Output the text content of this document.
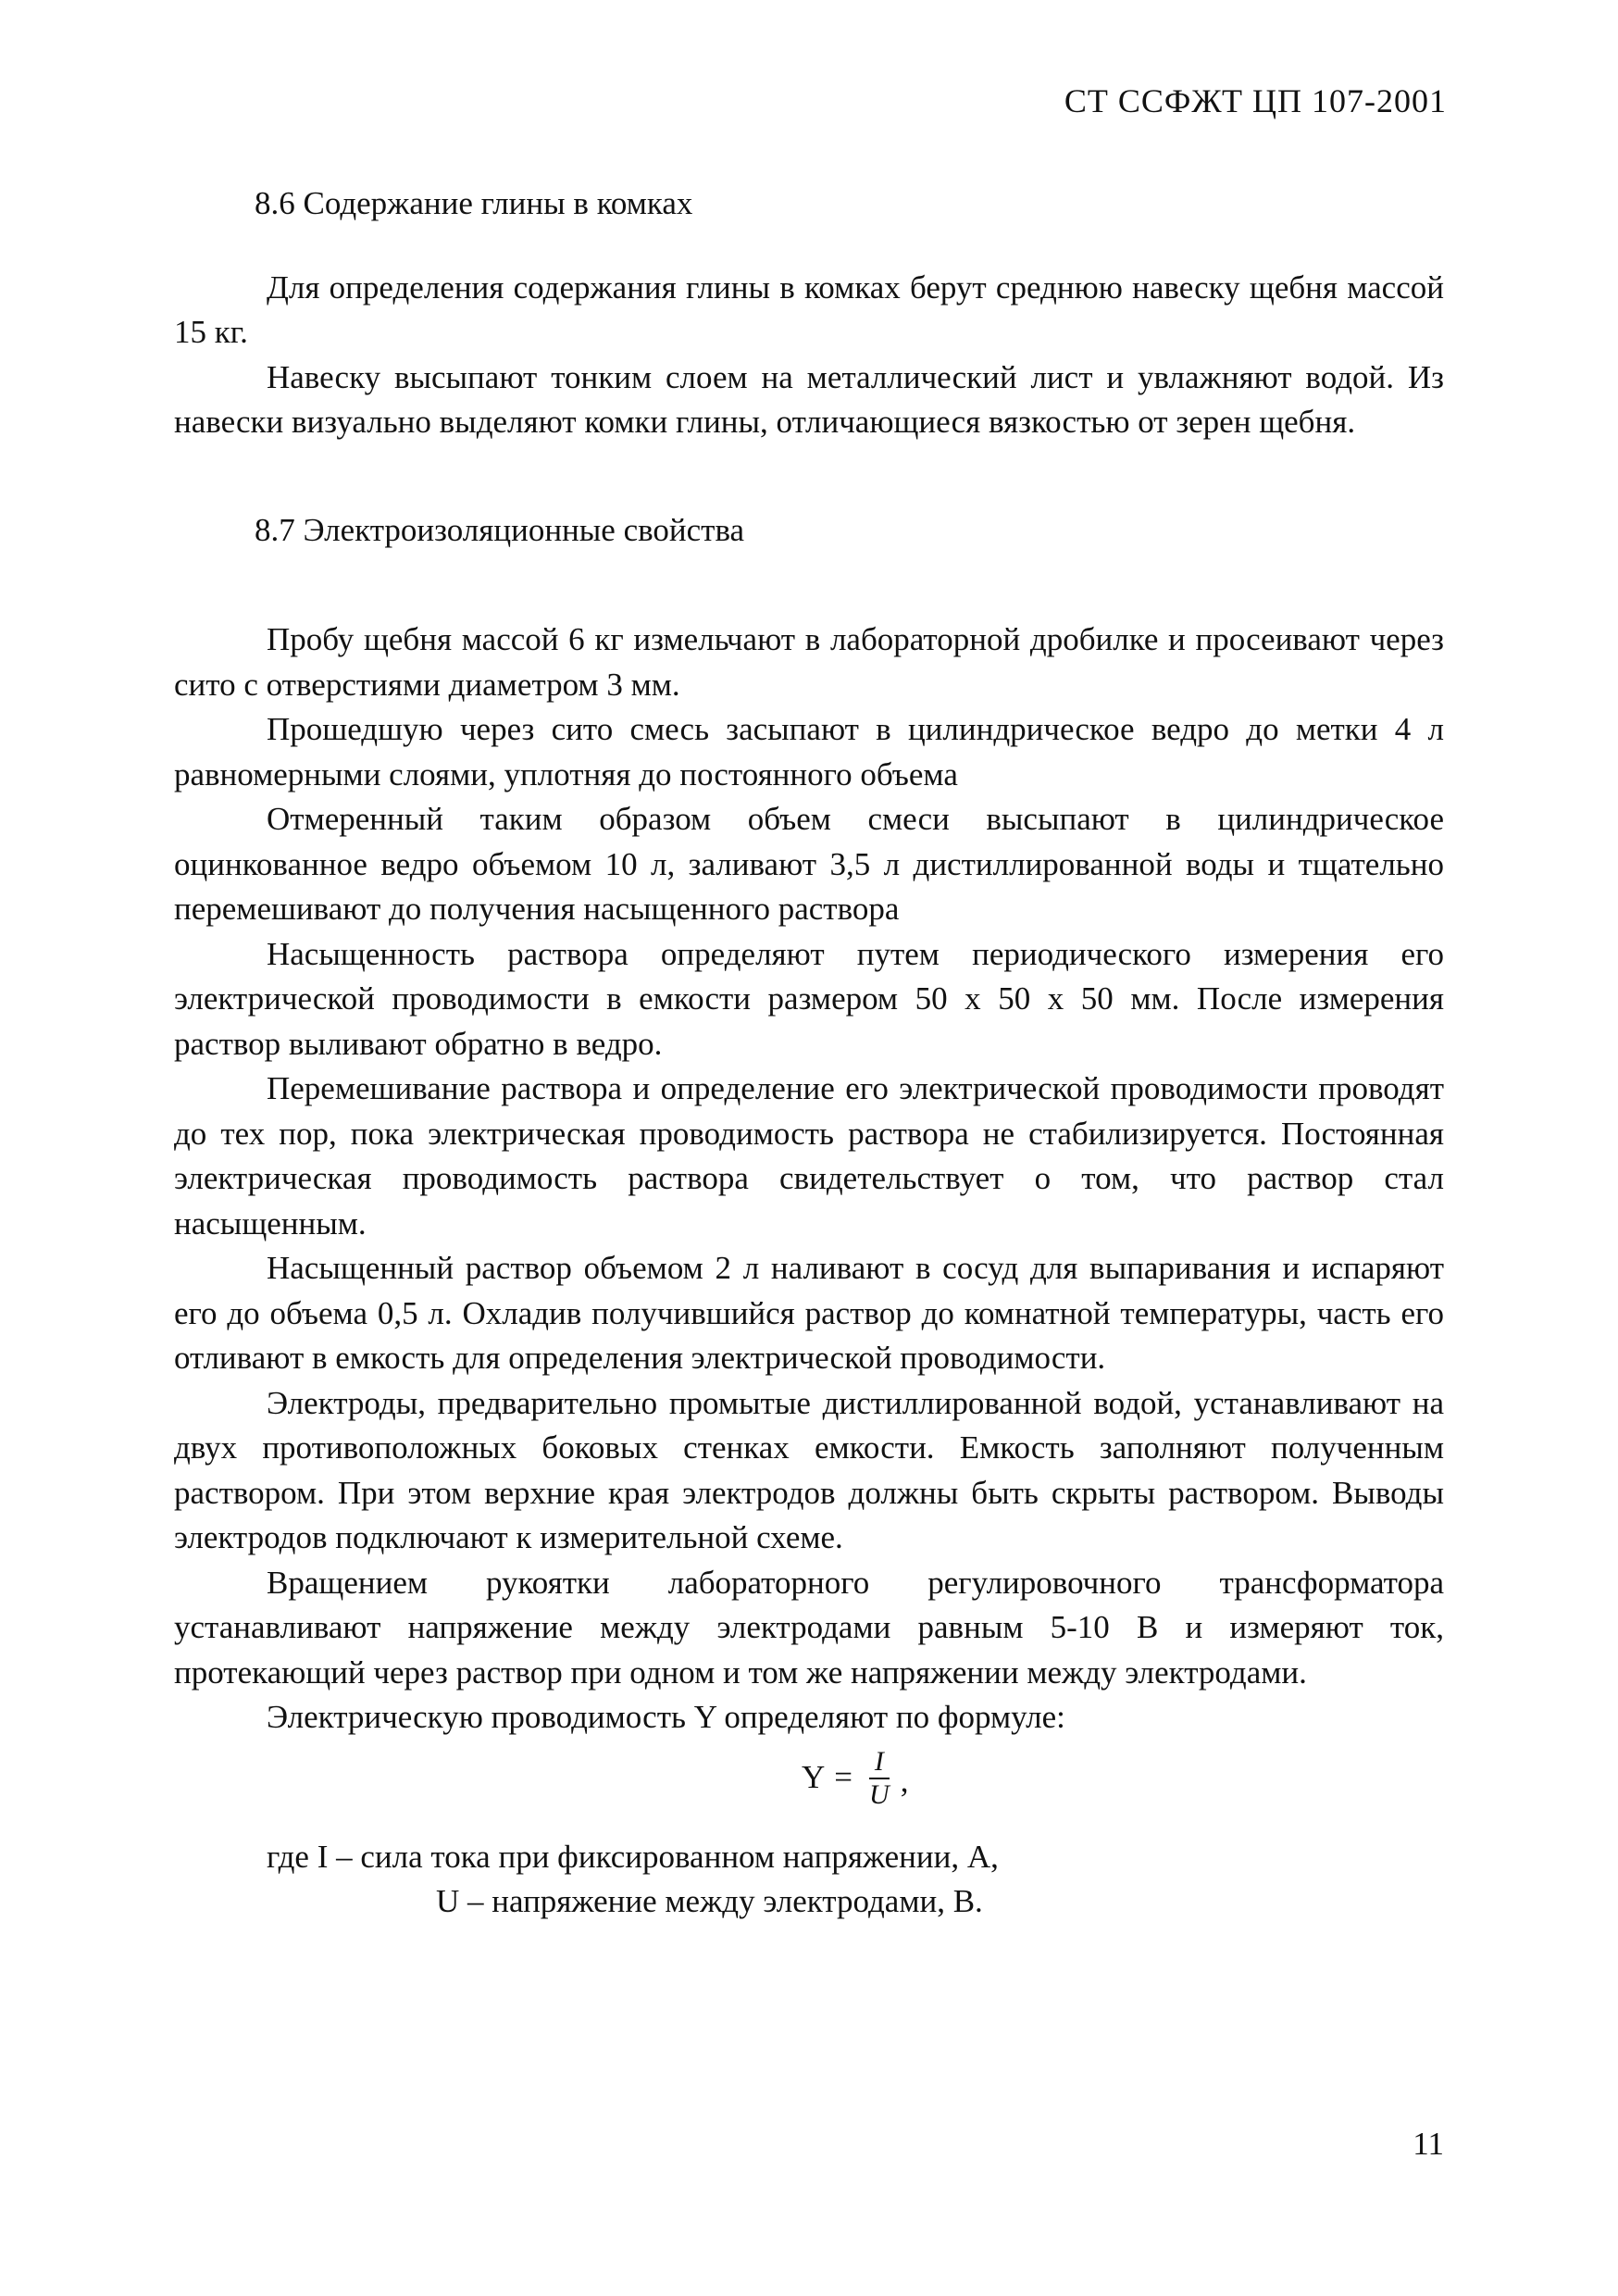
СТ ССФЖТ ЦП 107-2001
8.6 Содержание глины в комках

Для определения содержания глины в комках берут среднюю навеску щебня массой 15 кг.

Навеску высыпают тонким слоем на металлический лист и увлажняют водой. Из навески визуально выделяют комки глины, отличающиеся вязкостью от зерен щебня.

8.7 Электроизоляционные свойства

Пробу щебня массой 6 кг измельчают в лабораторной дробилке и просеивают через сито с отверстиями диаметром 3 мм.

Прошедшую через сито смесь засыпают в цилиндрическое ведро до метки 4 л равномерными слоями, уплотняя до постоянного объема

Отмеренный таким образом объем смеси высыпают в цилиндрическое оцинкованное ведро объемом 10 л, заливают 3,5 л дистиллированной воды и тщательно перемешивают до получения насыщенного раствора

Насыщенность раствора определяют путем периодического измерения его электрической проводимости в емкости размером 50 х 50 х 50 мм. После измерения раствор выливают обратно в ведро.

Перемешивание раствора и определение его электрической проводимости проводят до тех пор, пока электрическая проводимость раствора не стабилизируется. Постоянная электрическая проводимость раствора свидетельствует о том, что раствор стал насыщенным.

Насыщенный раствор объемом 2 л наливают в сосуд для выпаривания и испаряют его до объема 0,5 л. Охладив получившийся раствор до комнатной температуры, часть его отливают в емкость для определения электрической проводимости.

Электроды, предварительно промытые дистиллированной водой, устанавливают на двух противоположных боковых стенках емкости. Емкость заполняют полученным раствором. При этом верхние края электродов должны быть скрыты раствором. Выводы электродов подключают к измерительной схеме.

Вращением рукоятки лабораторного регулировочного трансформатора устанавливают напряжение между электродами равным 5-10 В и измеряют ток, протекающий через раствор при одном и том же напряжении между электродами.

Электрическую проводимость Y определяют по формуле:

$Y = \frac{I}{U}$ ,

где I – сила тока при фиксированном напряжении, А,

U – напряжение между электродами, В.

11
